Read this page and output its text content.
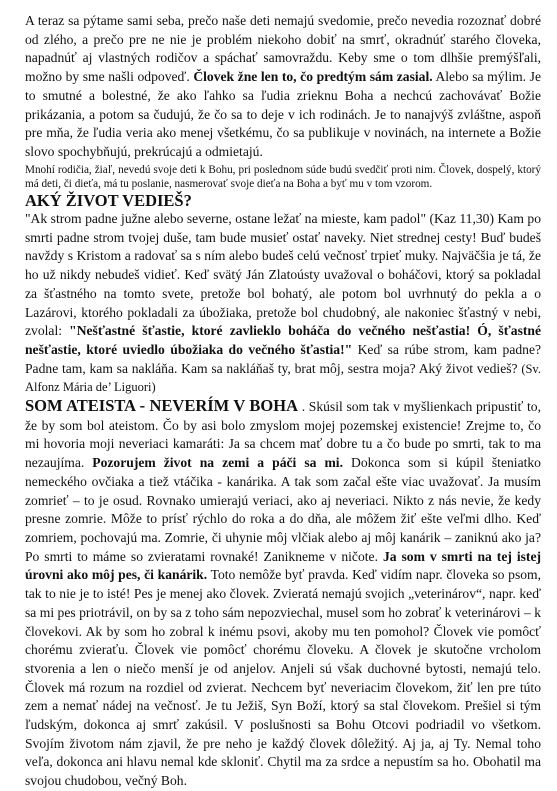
A teraz sa pýtame sami seba, prečo naše deti nemajú svedomie, prečo nevedia rozoznať dobré od zlého, a prečo pre ne nie je problém niekoho dobiť na smrť, okradnúť starého človeka, napadnúť aj vlastných rodičov a spáchať samovraždu. Keby sme o tom dlhšie premýšľali, možno by sme našli odpoveď. Človek žne len to, čo predtým sám zasial. Alebo sa mýlim. Je to smutné a bolestné, že ako ľahko sa ľudia zrieknu Boha a nechcú zachovávať Božie prikázania, a potom sa čudujú, že čo sa to deje v ich rodinách. Je to nanajvýš zvláštne, aspoň pre mňa, že ľudia veria ako menej všetkému, čo sa publikuje v novinách, na internete a Božie slovo spochybňujú, prekrúcajú a odmietajú.

Mnohí rodičia, žiaľ, nevedú svoje deti k Bohu, pri poslednom súde budú svedčiť proti nim. Človek, dospelý, ktorý má deti, či dieťa, má tu poslanie, nasmerovať svoje dieťa na Boha a byť mu v tom vzorom.

AKÝ ŽIVOT VEDIEŠ?

"Ak strom padne južne alebo severne, ostane ležať na mieste, kam padol" (Kaz 11,30) Kam po smrti padne strom tvojej duše, tam bude musieť ostať naveky. Niet strednej cesty! Buď budeš navždy s Kristom a radovať sa s ním alebo budeš celú večnosť trpieť muky. Najväčšia je tá, že ho už nikdy nebudeš vidieť. Keď svätý Ján Zlatoústy uvažoval o boháčovi, ktorý sa pokladal za šťastného na tomto svete, pretože bol bohatý, ale potom bol uvrhnutý do pekla a o Lazárovi, ktorého pokladali za úbožiaka, pretože bol chudobný, ale nakoniec šťastný v nebi, zvolal: "Nešťastné šťastie, ktoré zavlieklo boháča do večného nešťastia! Ó, šťastné nešťastie, ktoré uviedlo úbožiaka do večného šťastia!" Keď sa rúbe strom, kam padne? Padne tam, kam sa nakláňa. Kam sa nakláňaš ty, brat môj, sestra moja? Aký život vedieš? (Sv. Alfonz Mária de’ Liguori)

SOM ATEISTA - NEVERÍM V BOHA . Skúsil som tak v myšlienkach pripustiť to, že by som bol ateistom. Čo by asi bolo zmyslom mojej pozemskej existencie! Zrejme to, čo mi hovoria moji neveriaci kamaráti: Ja sa chcem mať dobre tu a čo bude po smrti, tak to ma nezaujíma. Pozorujem život na zemi a páči sa mi. Dokonca som si kúpil šteniatko nemeckého ovčiaka a tiež vtáčika - kanárika. A tak som začal ešte viac uvažovať. Ja musím zomrieť – to je osud. Rovnako umierajú veriaci, ako aj neveriaci. Nikto z nás nevie, že kedy presne zomrie. Môže to prísť rýchlo do roka a do dňa, ale môžem žiť ešte veľmi dlho. Keď zomriem, pochovajú ma. Zomrie, či uhynie môj vlčiak alebo aj môj kanárik – zaniknú ako ja? Po smrti to máme so zvieratami rovnaké! Zanikneme v ničote. Ja som v smrti na tej istej úrovni ako môj pes, či kanárik. Toto nemôže byť pravda. Keď vidím napr. človeka so psom, tak to nie je to isté! Pes je menej ako človek. Zvieratá nemajú svojich „veterinárov“, napr. keď sa mi pes priotrávil, on by sa z toho sám nepozviechal, musel som ho zobrať k veterinárovi – k človekovi. Ak by som ho zobral k inému psovi, akoby mu ten pomohol? Človek vie pomôcť chorému zvieraťu. Človek vie pomôcť chorému človeku. A človek je skutočne vrcholom stvorenia a len o niečo menší je od anjelov. Anjeli sú však duchovné bytosti, nemajú telo. Človek má rozum na rozdiel od zvierat. Nechcem byť neveriacim človekom, žiť len pre túto zem a nemať nádej na večnosť. Je tu Ježiš, Syn Boží, ktorý sa stal človekom. Prešiel si tým ľudským, dokonca aj smrť zakúsil. V poslušnosti sa Bohu Otcovi podriadil vo všetkom. Svojím životom nám zjavil, že pre neho je každý človek dôležitý. Aj ja, aj Ty. Nemal toho veľa, dokonca ani hlavu nemal kde skloniť. Chytil ma za srdce a nepustím sa ho. Obohatil ma svojou chudobou, večný Boh.
